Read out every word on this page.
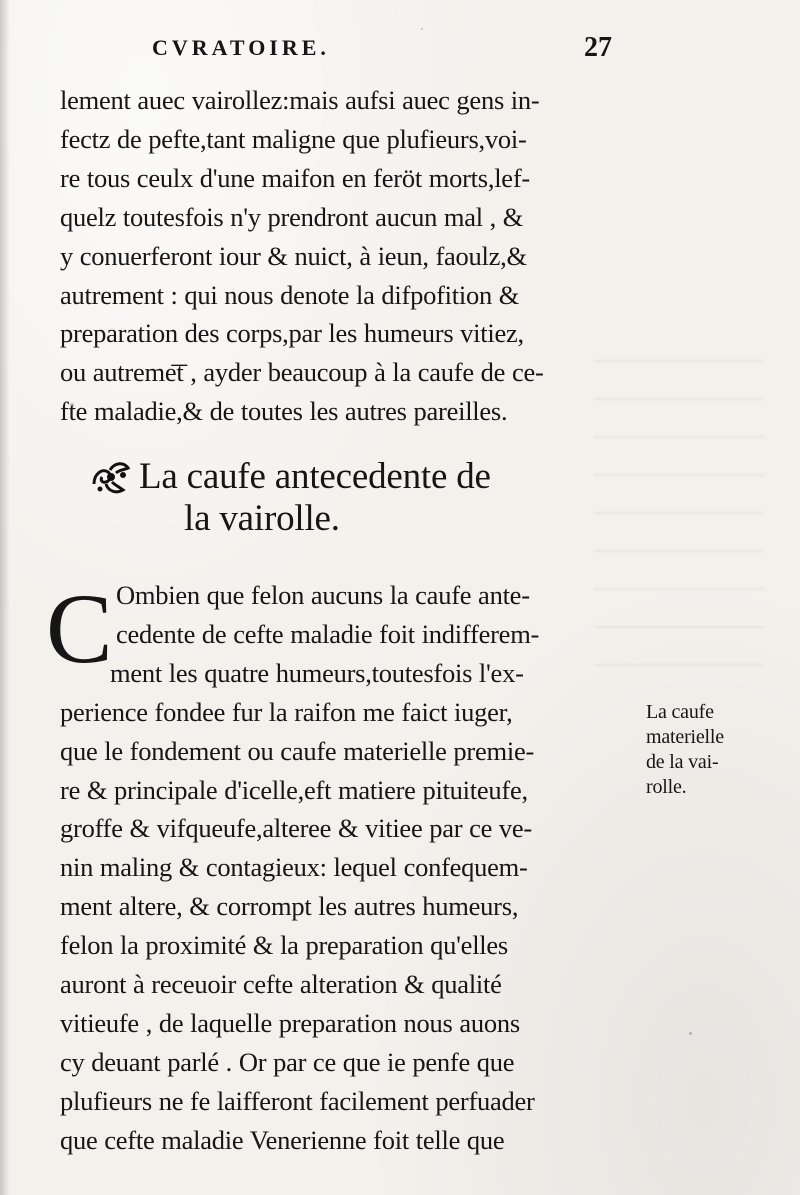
CVRATOIRE.	27
lement auec vairollez:mais aufsi auec gens in-
fectz de pefte,tant maligne que plufieurs,voi-
re tous ceulx d'une maifon en feröt morts,lef-
quelz toutesfois n'y prendront aucun mal , &
y conuerferont iour & nuict, à ieun, faoulz,&
autrement : qui nous denote la difpofition &
preparation des corps,par les humeurs vitiez,
ou autreme͞t , ayder beaucoup à la caufe de ce-
fte maladie,& de toutes les autres pareilles.
La caufe antecedente de
la vairolle.
C Ombien que felon aucuns la caufe ante-
cedente de cefte maladie foit indifferem-
ment les quatre humeurs,toutesfois l'ex-
perience fondee fur la raifon me faict iuger,
que le fondement ou caufe materielle premie-
re & principale d'icelle,eft matiere pituiteufe,
groffe & vifqueufe,alteree & vitiee par ce ve-
nin maling & contagieux: lequel confequem-
ment altere, & corrompt les autres humeurs,
felon la proximité & la preparation qu'elles
auront à receuoir cefte alteration & qualité
vitieufe , de laquelle preparation nous auons
cy deuant parlé . Or par ce que ie penfe que
plufieurs ne fe laifferont facilement perfuader
que cefte maladie Venerienne foit telle que
La caufe
materielle
de la vai-
rolle.
